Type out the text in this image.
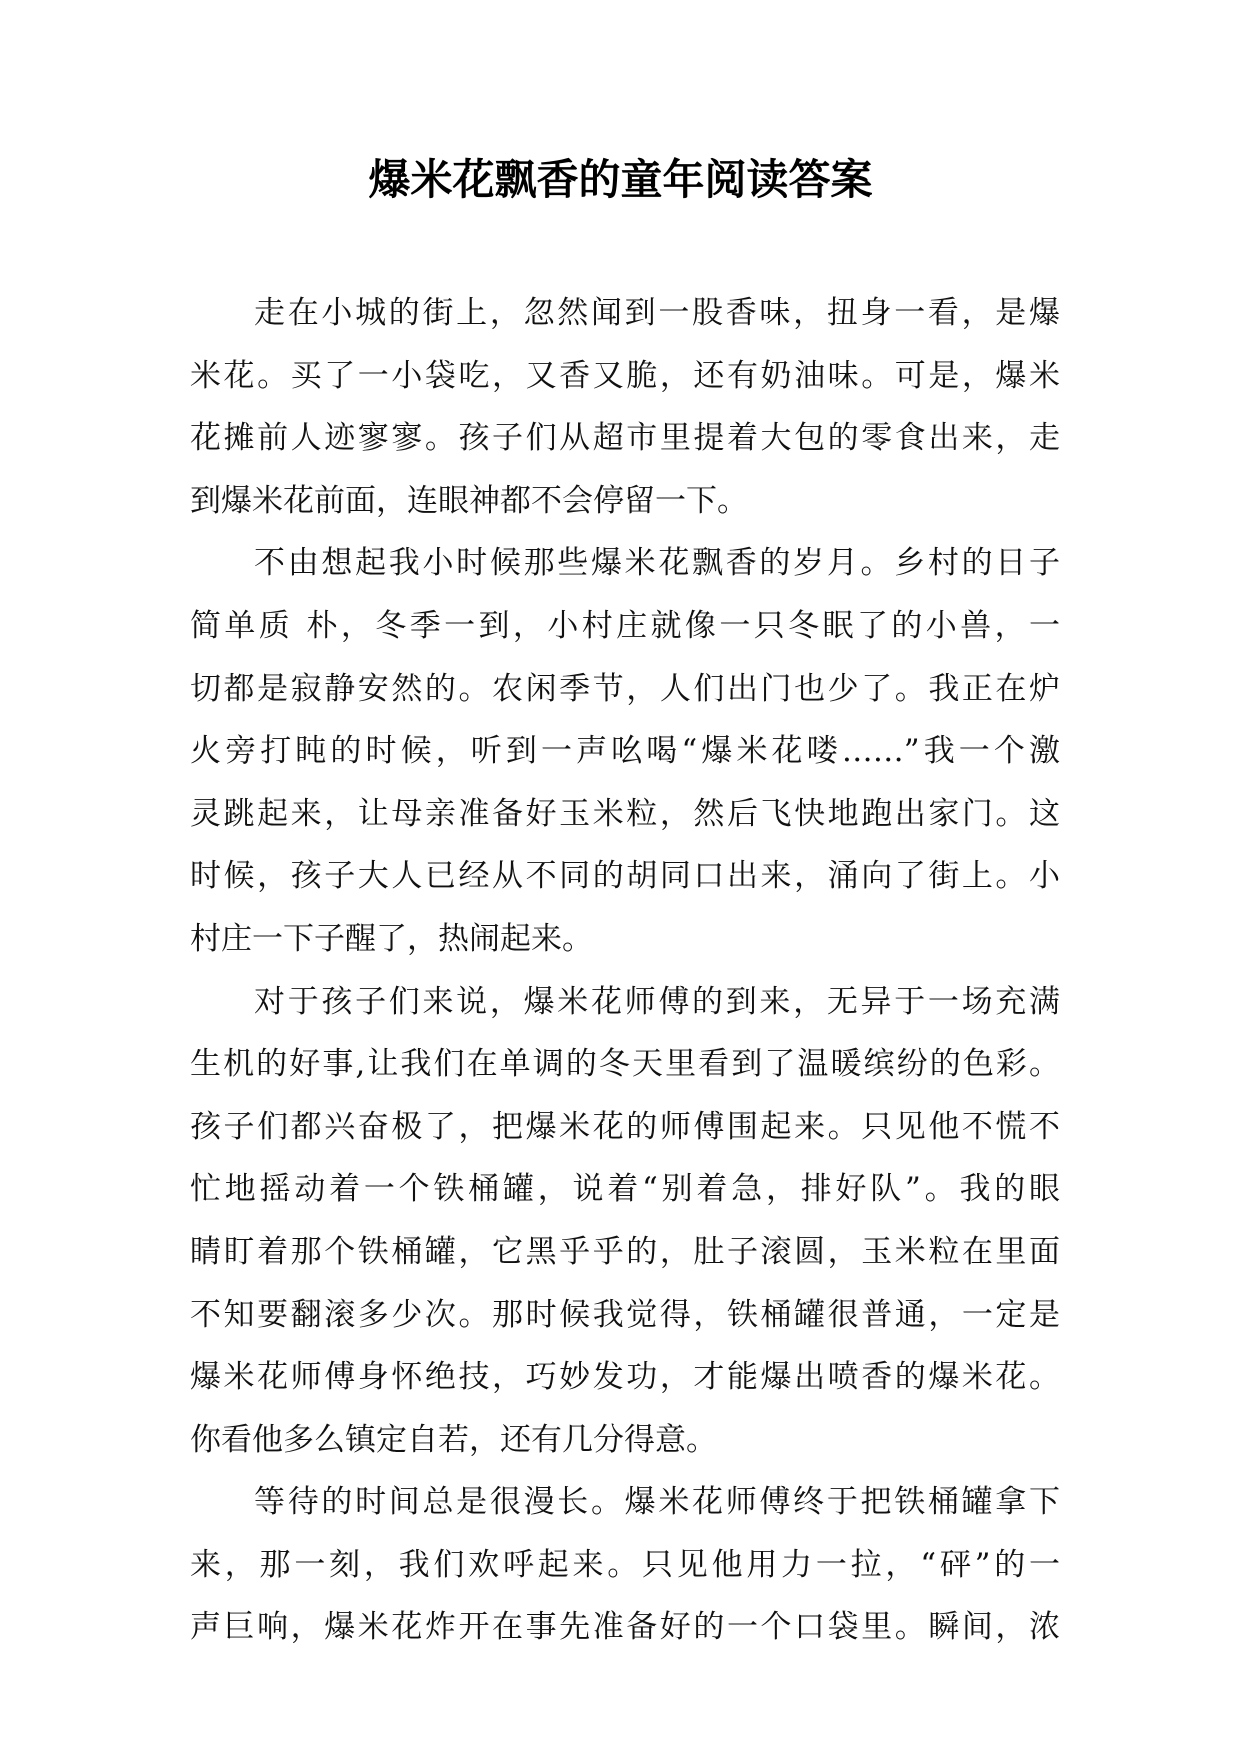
爆米花飘香的童年阅读答案
走在小城的街上，忽然闻到一股香味，扭身一看，是爆
米花。买了一小袋吃，又香又脆，还有奶油味。可是，爆米
花摊前人迹寥寥。孩子们从超市里提着大包的零食出来，走
到爆米花前面，连眼神都不会停留一下。
不由想起我小时候那些爆米花飘香的岁月。乡村的日子
简单质 朴，冬季一到，小村庄就像一只冬眠了的小兽，一
切都是寂静安然的。农闲季节，人们出门也少了。我正在炉
火旁打盹的时候，听到一声吆喝“爆米花喽……”我一个激
灵跳起来，让母亲准备好玉米粒，然后飞快地跑出家门。这
时候，孩子大人已经从不同的胡同口出来，涌向了街上。小
村庄一下子醒了，热闹起来。
对于孩子们来说，爆米花师傅的到来，无异于一场充满
生机的好事,让我们在单调的冬天里看到了温暖缤纷的色彩。
孩子们都兴奋极了，把爆米花的师傅围起来。只见他不慌不
忙地摇动着一个铁桶罐，说着“别着急，排好队”。我的眼
睛盯着那个铁桶罐，它黑乎乎的，肚子滚圆，玉米粒在里面
不知要翻滚多少次。那时候我觉得，铁桶罐很普通，一定是
爆米花师傅身怀绝技，巧妙发功，才能爆出喷香的爆米花。
你看他多么镇定自若，还有几分得意。
等待的时间总是很漫长。爆米花师傅终于把铁桶罐拿下
来，那一刻，我们欢呼起来。只见他用力一拉，“砰”的一
声巨响，爆米花炸开在事先准备好的一个口袋里。瞬间，浓
